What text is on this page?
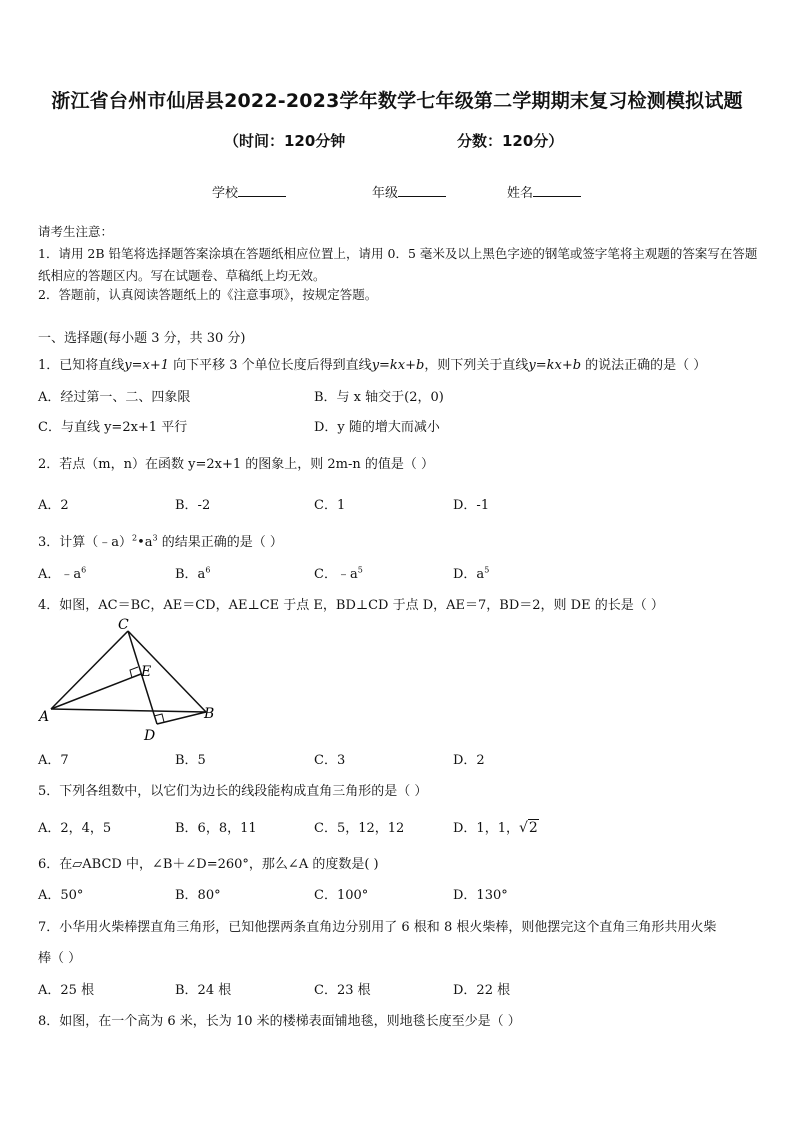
浙江省台州市仙居县2022-2023学年数学七年级第二学期期末复习检测模拟试题
（时间：120分钟	分数：120分）
学校	年级	姓名
请考生注意：
1．请用 2B 铅笔将选择题答案涂填在答题纸相应位置上，请用 0．5 毫米及以上黑色字迹的钢笔或签字笔将主观题的答案写在答题纸相应的答题区内。写在试题卷、草稿纸上均无效。
2．答题前，认真阅读答题纸上的《注意事项》，按规定答题。
一、选择题(每小题 3 分，共 30 分)
1．已知将直线y=x+1 向下平移 3 个单位长度后得到直线y=kx+b，则下列关于直线y=kx+b 的说法正确的是（ ）
A．经过第一、二、四象限	B．与 x 轴交于(2，0)
C．与直线 y=2x+1 平行	D．y 随的增大而减小
2．若点（m，n）在函数 y=2x+1 的图象上，则 2m-n 的值是（ ）
A．2	B．-2	C．1	D．-1
3．计算$(﹣a)^2•a^3$ 的结果正确的是（ ）
A．$﹣a^6$	B．$a^6$	C．$﹣a^5$	D．$a^5$
4．如图，AC＝BC，AE＝CD，AE⊥CE 于点 E，BD⊥CD 于点 D，AE＝7，BD＝2，则 DE 的长是（ ）
C
E
A	B
D
A．7	B．5	C．3	D．2
5．下列各组数中，以它们为边长的线段能构成直角三角形的是（ ）
A．2，4，5	B．6，8，11	C．5，12，12	D．1，1，√2
6．在▱ABCD 中，∠B＋∠D=260°，那么∠A 的度数是( )
A．50°	B．80°	C．100°	D．130°
7．小华用火柴棒摆直角三角形，已知他摆两条直角边分别用了 6 根和 8 根火柴棒，则他摆完这个直角三角形共用火柴
棒（ ）
A．25 根	B．24 根	C．23 根	D．22 根
8．如图，在一个高为 6 米，长为 10 米的楼梯表面铺地毯，则地毯长度至少是（ ）
